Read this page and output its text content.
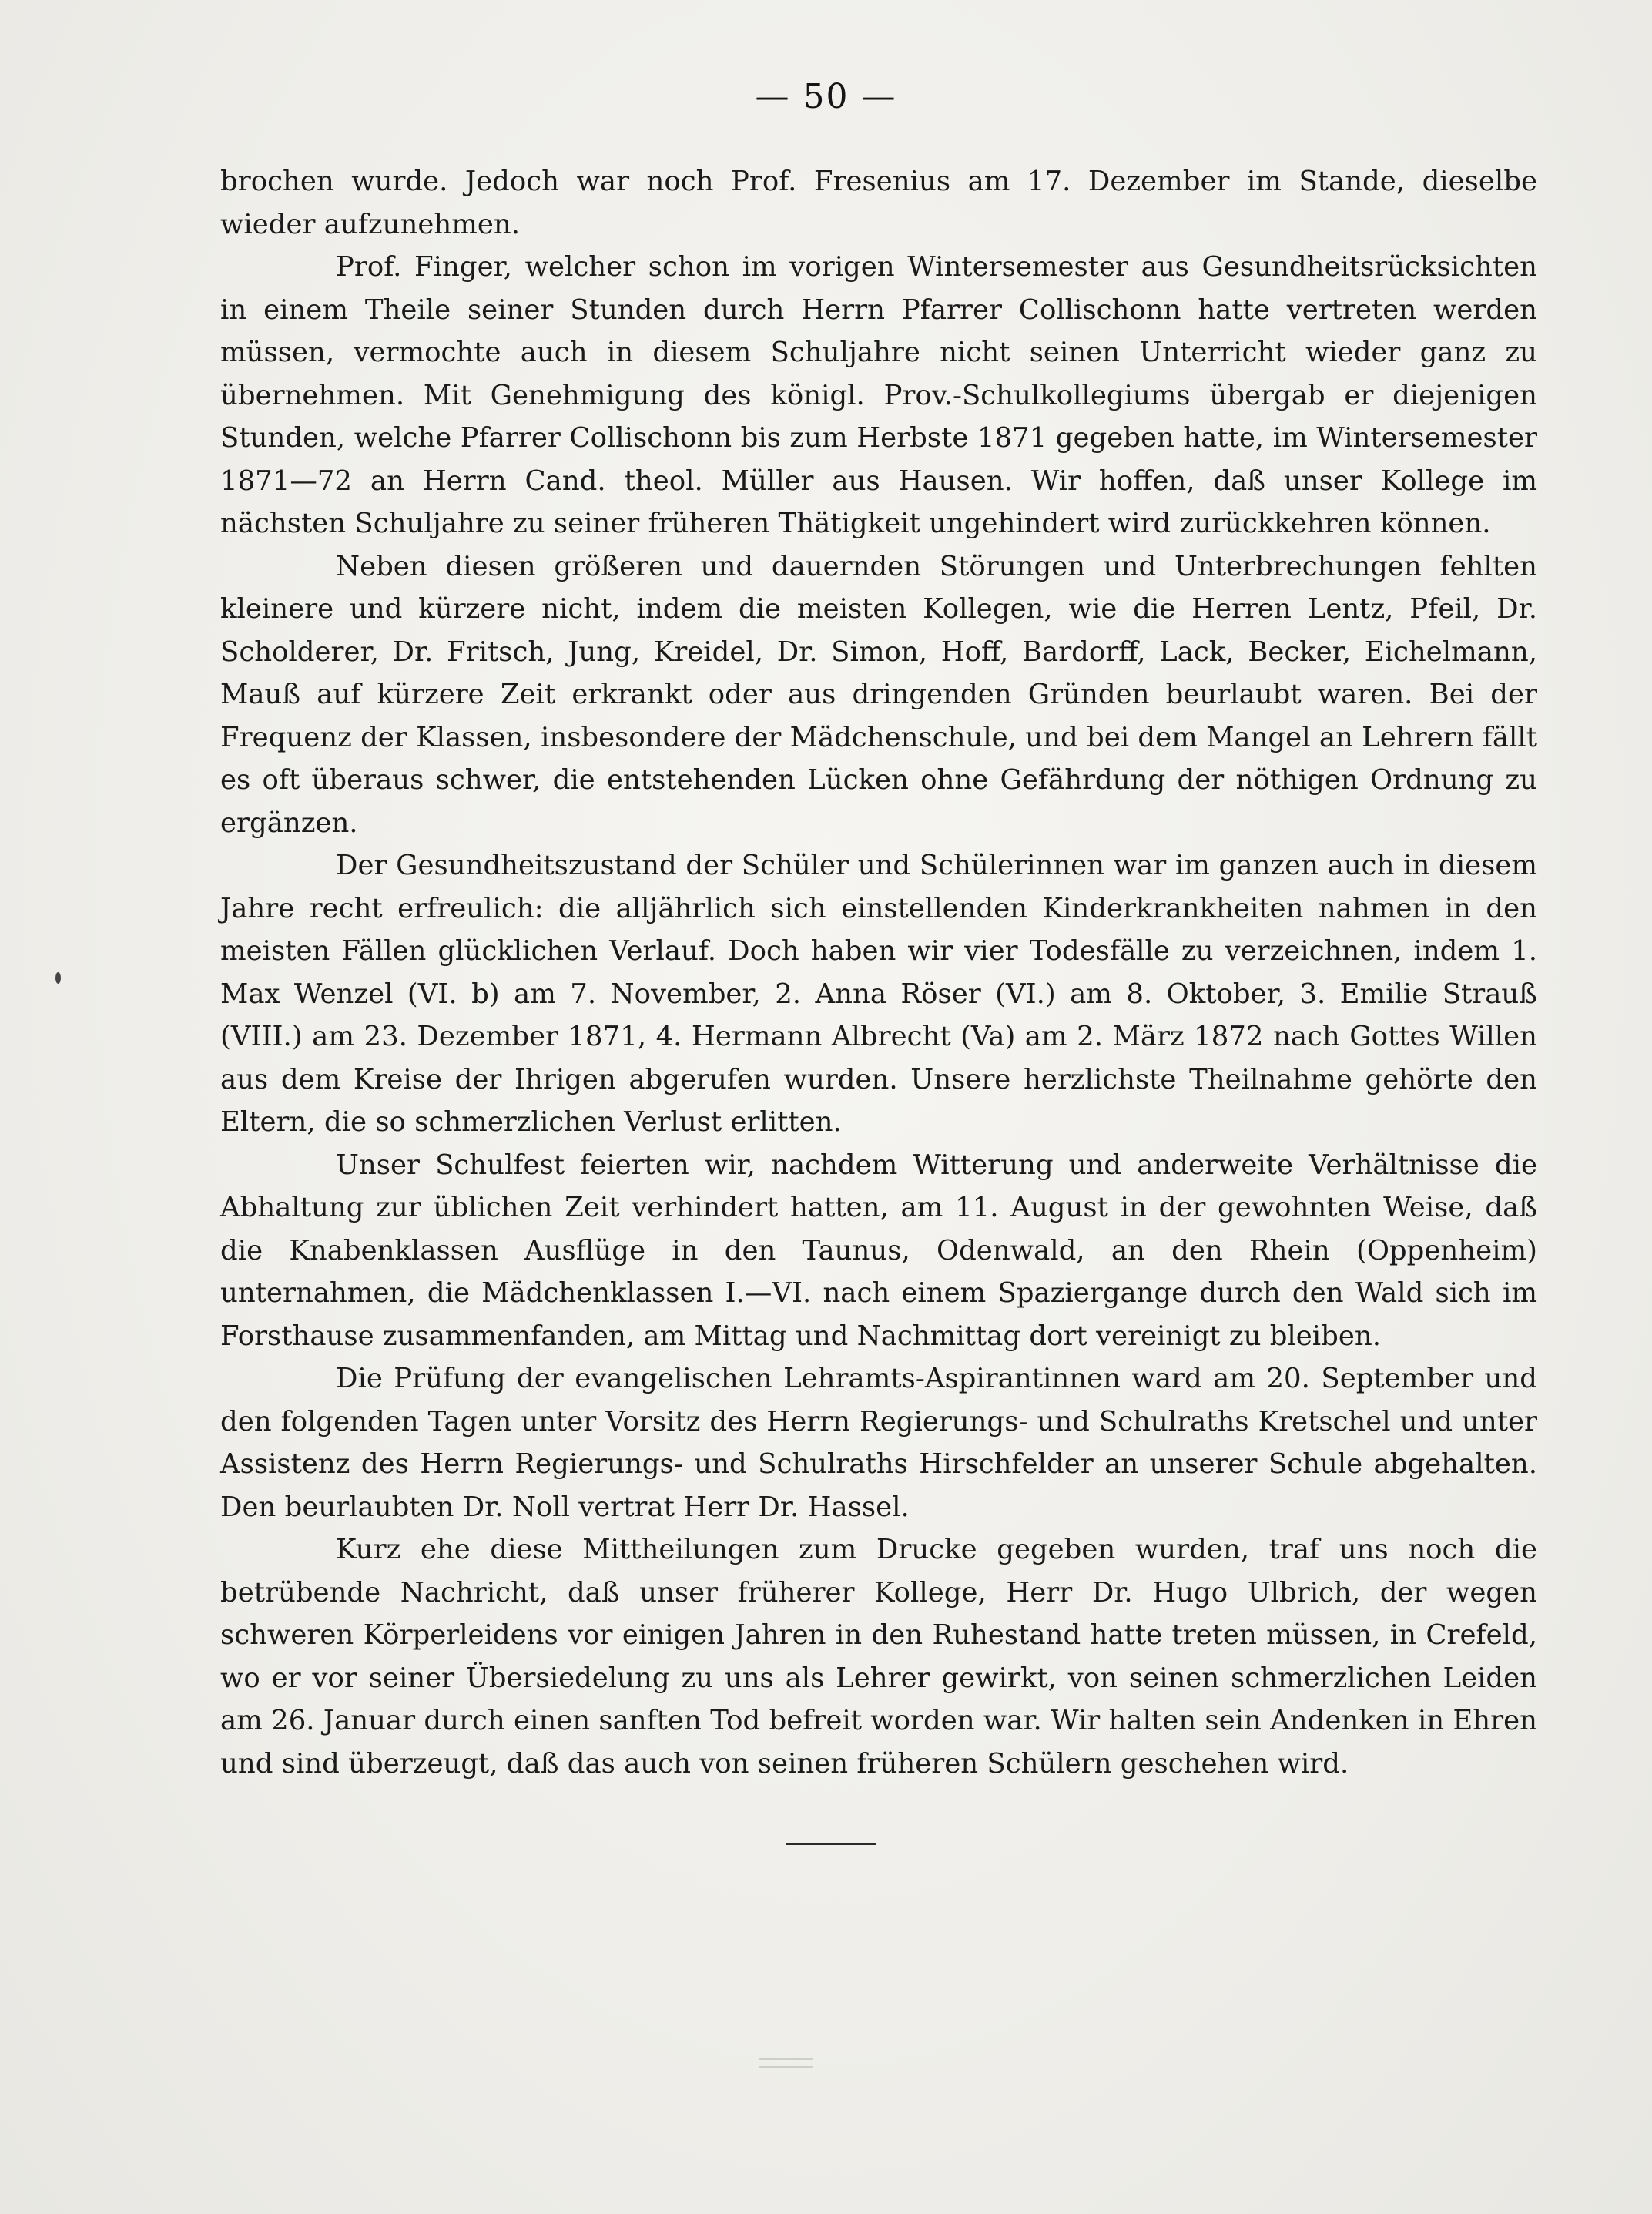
— 50 —

brochen wurde. Jedoch war noch Prof. Fresenius am 17. Dezember im Stande, dieselbe wieder aufzunehmen.

Prof. Finger, welcher schon im vorigen Wintersemester aus Gesundheitsrücksichten in einem Theile seiner Stunden durch Herrn Pfarrer Collischonn hatte vertreten werden müssen, vermochte auch in diesem Schuljahre nicht seinen Unterricht wieder ganz zu übernehmen. Mit Genehmigung des königl. Prov.-Schulkollegiums übergab er diejenigen Stunden, welche Pfarrer Collischonn bis zum Herbste 1871 gegeben hatte, im Wintersemester 1871—72 an Herrn Cand. theol. Müller aus Hausen. Wir hoffen, daß unser Kollege im nächsten Schuljahre zu seiner früheren Thätigkeit ungehindert wird zurückkehren können.

Neben diesen größeren und dauernden Störungen und Unterbrechungen fehlten kleinere und kürzere nicht, indem die meisten Kollegen, wie die Herren Lentz, Pfeil, Dr. Scholderer, Dr. Fritsch, Jung, Kreidel, Dr. Simon, Hoff, Bardorff, Lack, Becker, Eichelmann, Mauß auf kürzere Zeit erkrankt oder aus dringenden Gründen beurlaubt waren. Bei der Frequenz der Klassen, insbesondere der Mädchenschule, und bei dem Mangel an Lehrern fällt es oft überaus schwer, die entstehenden Lücken ohne Gefährdung der nöthigen Ordnung zu ergänzen.

Der Gesundheitszustand der Schüler und Schülerinnen war im ganzen auch in diesem Jahre recht erfreulich: die alljährlich sich einstellenden Kinderkrankheiten nahmen in den meisten Fällen glücklichen Verlauf. Doch haben wir vier Todesfälle zu verzeichnen, indem 1. Max Wenzel (VI. b) am 7. November, 2. Anna Röser (VI.) am 8. Oktober, 3. Emilie Strauß (VIII.) am 23. Dezember 1871, 4. Hermann Albrecht (Va) am 2. März 1872 nach Gottes Willen aus dem Kreise der Ihrigen abgerufen wurden. Unsere herzlichste Theilnahme gehörte den Eltern, die so schmerzlichen Verlust erlitten.

Unser Schulfest feierten wir, nachdem Witterung und anderweite Verhältnisse die Abhaltung zur üblichen Zeit verhindert hatten, am 11. August in der gewohnten Weise, daß die Knabenklassen Ausflüge in den Taunus, Odenwald, an den Rhein (Oppenheim) unternahmen, die Mädchenklassen I.—VI. nach einem Spaziergange durch den Wald sich im Forsthause zusammenfanden, am Mittag und Nachmittag dort vereinigt zu bleiben.

Die Prüfung der evangelischen Lehramts-Aspirantinnen ward am 20. September und den folgenden Tagen unter Vorsitz des Herrn Regierungs- und Schulraths Kretschel und unter Assistenz des Herrn Regierungs- und Schulraths Hirschfelder an unserer Schule abgehalten. Den beurlaubten Dr. Noll vertrat Herr Dr. Hassel.

Kurz ehe diese Mittheilungen zum Drucke gegeben wurden, traf uns noch die betrübende Nachricht, daß unser früherer Kollege, Herr Dr. Hugo Ulbrich, der wegen schweren Körperleidens vor einigen Jahren in den Ruhestand hatte treten müssen, in Crefeld, wo er vor seiner Übersiedelung zu uns als Lehrer gewirkt, von seinen schmerzlichen Leiden am 26. Januar durch einen sanften Tod befreit worden war. Wir halten sein Andenken in Ehren und sind überzeugt, daß das auch von seinen früheren Schülern geschehen wird.
